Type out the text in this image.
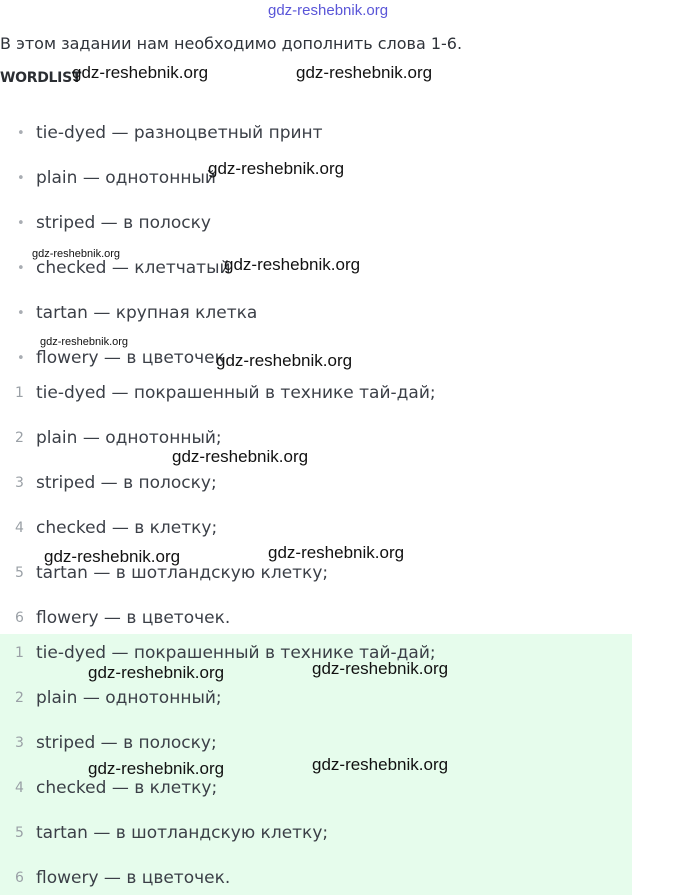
gdz-reshebnik.org
В этом задании нам необходимо дополнить слова 1-6.
WORDLIST
• tie-dyed — разноцветный принт
• plain — однотонный
• striped — в полоску
• checked — клетчатый
• tartan — крупная клетка
• flowery — в цветочек
1 tie-dyed — покрашенный в технике тай-дай;
2 plain — однотонный;
3 striped — в полоску;
4 checked — в клетку;
5 tartan — в шотландскую клетку;
6 flowery — в цветочек.
1 tie-dyed — покрашенный в технике тай-дай;
2 plain — однотонный;
3 striped — в полоску;
4 checked — в клетку;
5 tartan — в шотландскую клетку;
6 flowery — в цветочек.
gdz-reshebnik.org	gdz-reshebnik.org
gdz-reshebnik.org
gdz-reshebnik.org
gdz-reshebnik.org
gdz-reshebnik.org
gdz-reshebnik.org
gdz-reshebnik.org
gdz-reshebnik.org	gdz-reshebnik.org
gdz-reshebnik.org	gdz-reshebnik.org
gdz-reshebnik.org	gdz-reshebnik.org
